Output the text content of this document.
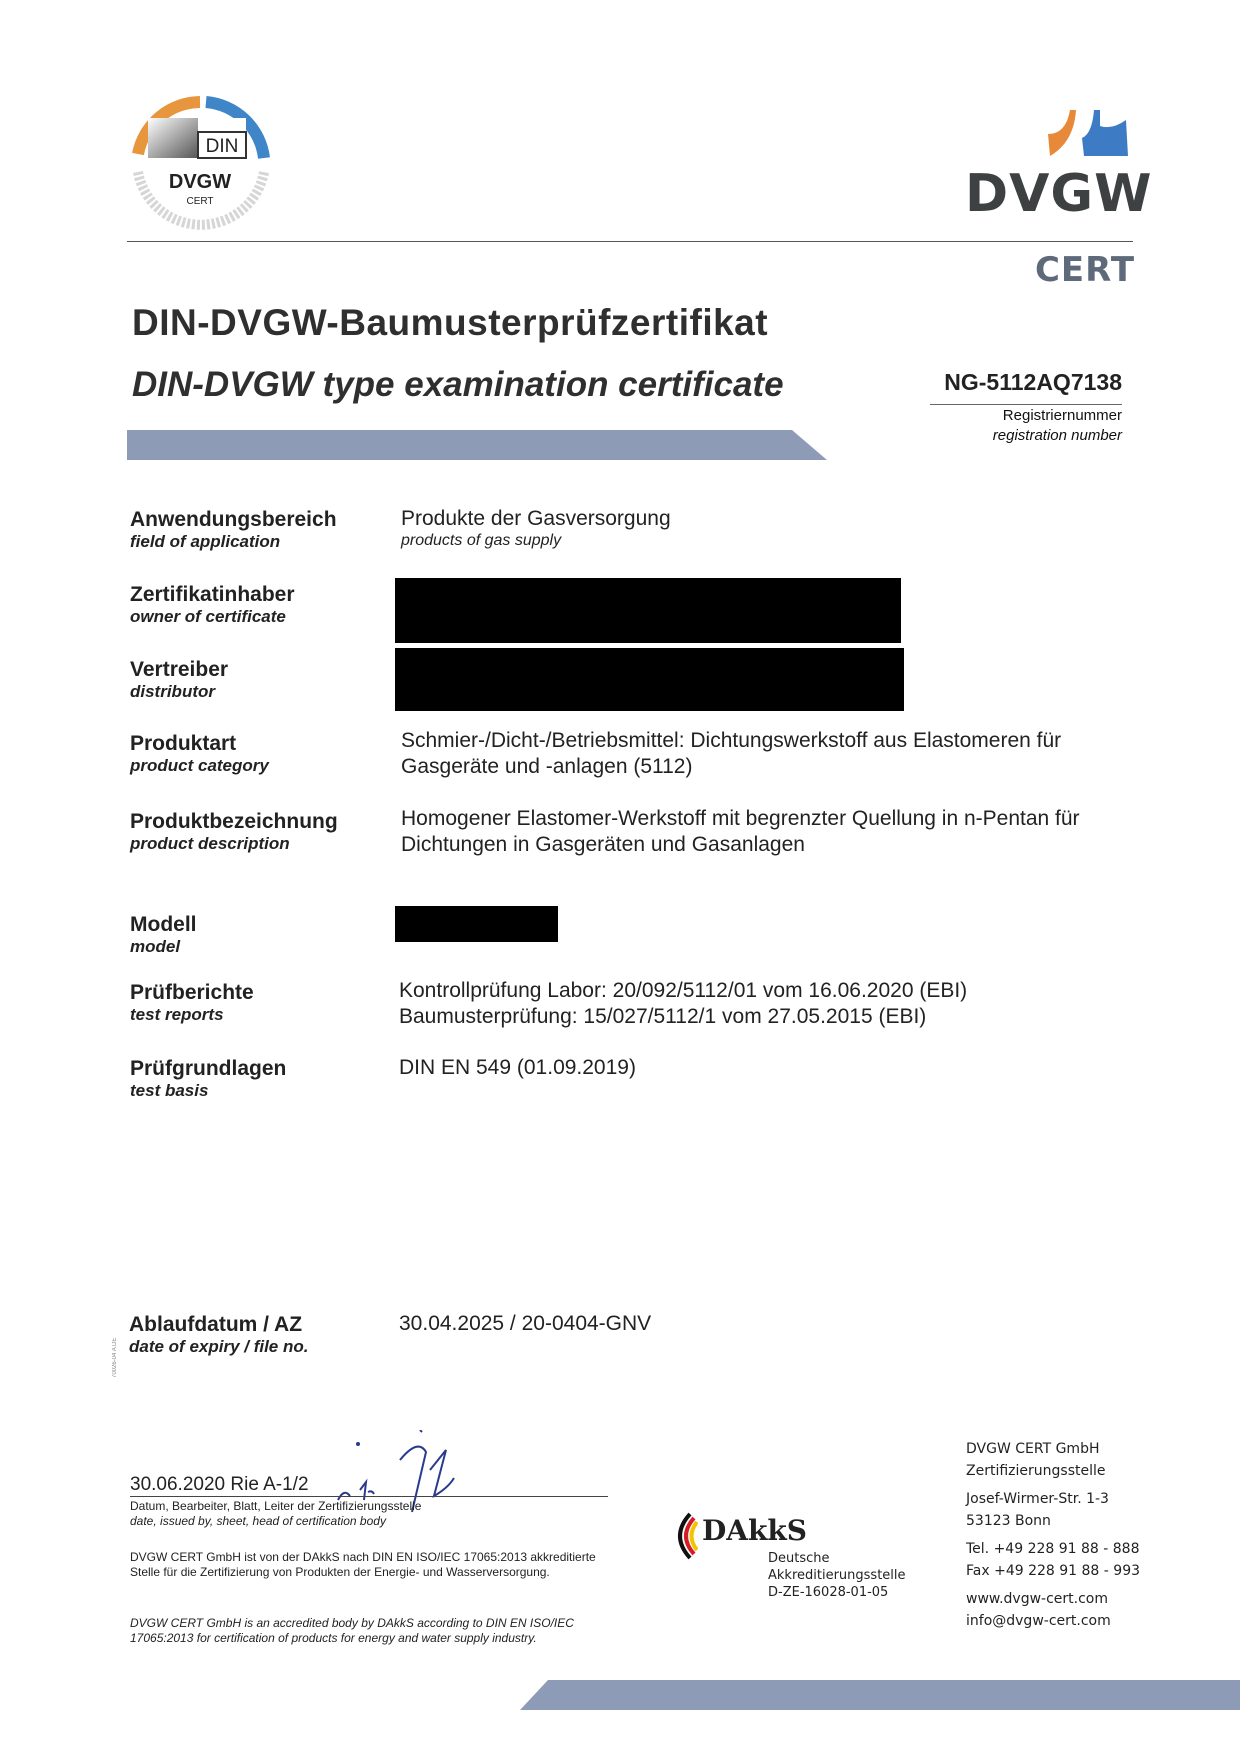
DIN
DVGW
CERT	DVGW
CERT
DIN-DVGW-Baumusterprüfzertifikat
DIN-DVGW type examination certificate	NG-5112AQ7138
Registriernummer
registration number
Anwendungsbereich
field of application
Produkte der Gasversorgung
products of gas supply
Zertifikatinhaber
owner of certificate
Vertreiber
distributor
Produktart
product category
Schmier-/Dicht-/Betriebsmittel: Dichtungswerkstoff aus Elastomeren für
Gasgeräte und -anlagen (5112)
Produktbezeichnung
product description
Homogener Elastomer-Werkstoff mit begrenzter Quellung in n-Pentan für
Dichtungen in Gasgeräten und Gasanlagen
Modell
model
Prüfberichte
test reports
Kontrollprüfung Labor: 20/092/5112/01 vom 16.06.2020 (EBI)
Baumusterprüfung: 15/027/5112/1 vom 27.05.2015 (EBI)
Prüfgrundlagen
test basis
DIN EN 549 (01.09.2019)
70026-04 A DE
Ablaufdatum / AZ
date of expiry / file no.
30.04.2025 / 20-0404-GNV
30.06.2020 Rie A-1/2
Datum, Bearbeiter, Blatt, Leiter der Zertifizierungsstelle
date, issued by, sheet, head of certification body
DVGW CERT GmbH ist von der DAkkS nach DIN EN ISO/IEC 17065:2013 akkreditierte Stelle für die Zertifizierung von Produkten der Energie- und Wasserversorgung.
DVGW CERT GmbH is an accredited body by DAkkS according to DIN EN ISO/IEC 17065:2013 for certification of products for energy and water supply industry.
DAkkS
Deutsche
Akkreditierungsstelle
D-ZE-16028-01-05
DVGW CERT GmbH
Zertifizierungsstelle
Josef-Wirmer-Str. 1-3
53123 Bonn
Tel. +49 228 91 88 - 888
Fax +49 228 91 88 - 993
www.dvgw-cert.com
info@dvgw-cert.com
